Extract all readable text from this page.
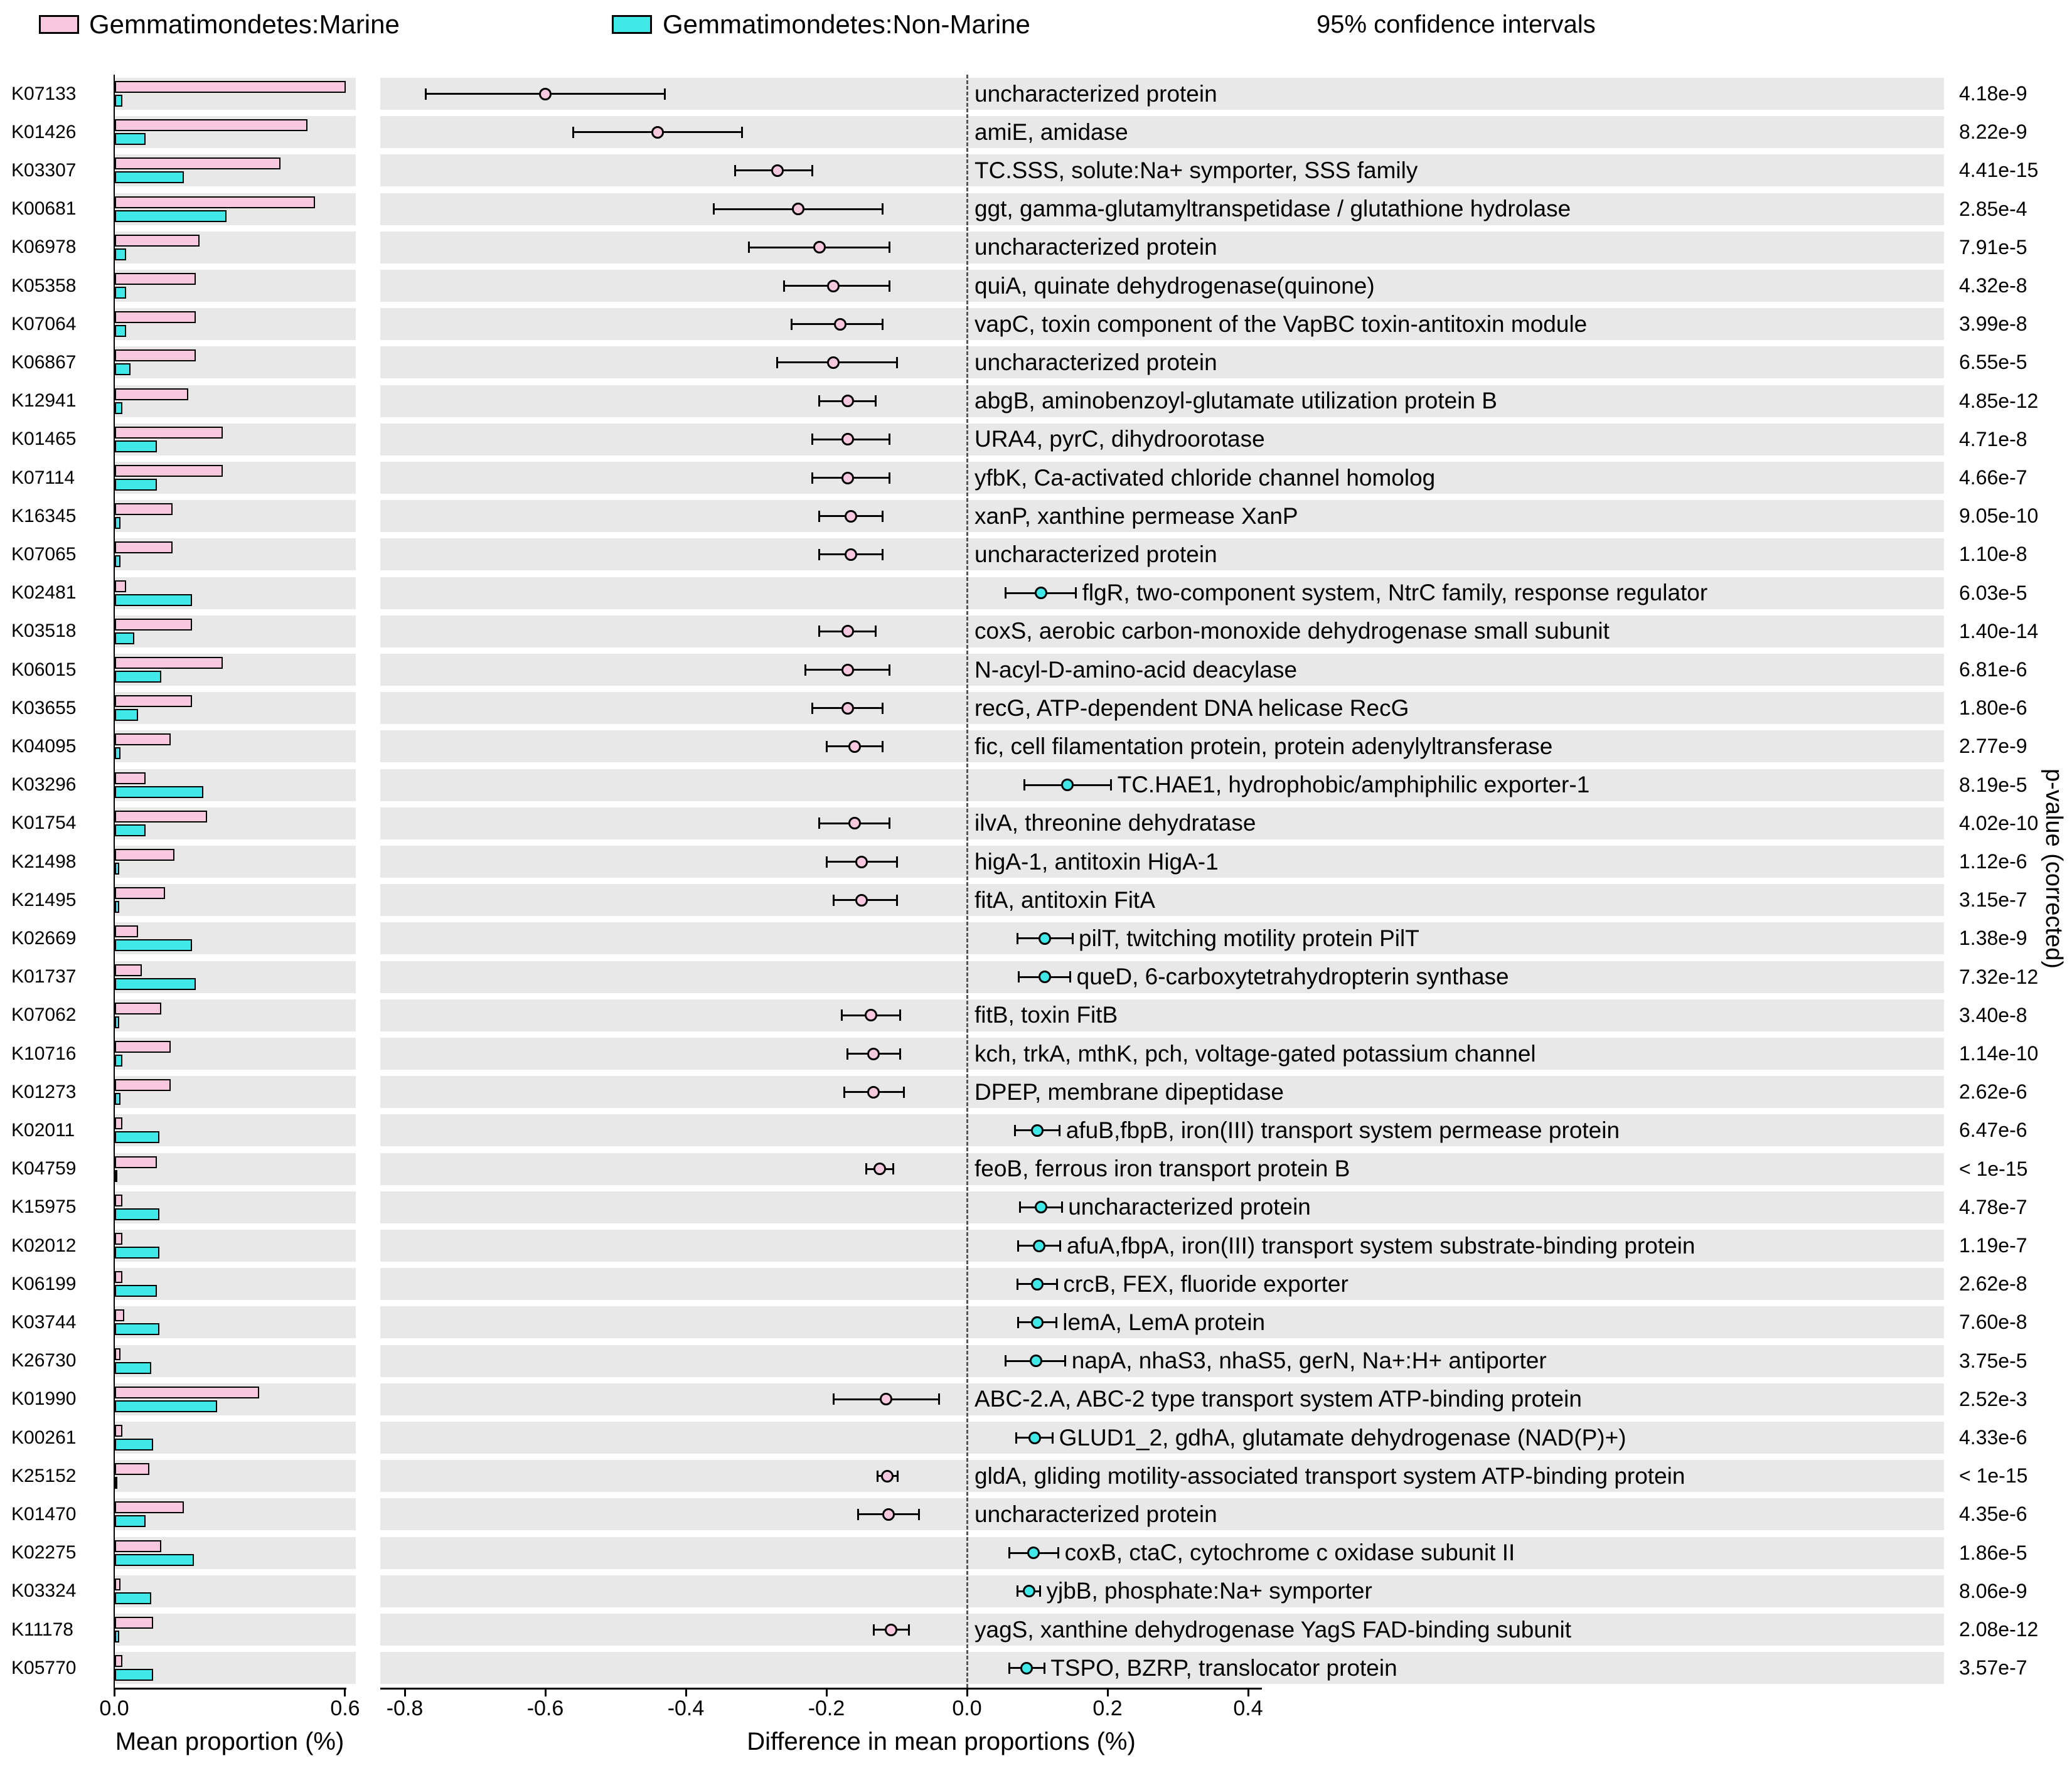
Gemmatimondetes:Marine	Gemmatimondetes:Non-Marine	95% confidence intervals
K07133	uncharacterized protein	4.18e-9
K01426	amiE, amidase	8.22e-9
K03307	TC.SSS, solute:Na+ symporter, SSS family	4.41e-15
K00681	ggt, gamma-glutamyltranspetidase / glutathione hydrolase	2.85e-4
K06978	uncharacterized protein	7.91e-5
K05358	quiA, quinate dehydrogenase(quinone)	4.32e-8
K07064	vapC, toxin component of the VapBC toxin-antitoxin module	3.99e-8
K06867	uncharacterized protein	6.55e-5
K12941	abgB, aminobenzoyl-glutamate utilization protein B	4.85e-12
K01465	URA4, pyrC, dihydroorotase	4.71e-8
K07114	yfbK, Ca-activated chloride channel homolog	4.66e-7
K16345	xanP, xanthine permease XanP	9.05e-10
K07065	uncharacterized protein	1.10e-8
K02481	flgR, two-component system, NtrC family, response regulator	6.03e-5
K03518	coxS, aerobic carbon-monoxide dehydrogenase small subunit	1.40e-14
K06015	N-acyl-D-amino-acid deacylase	6.81e-6
K03655	recG, ATP-dependent DNA helicase RecG	1.80e-6
K04095	fic, cell filamentation protein, protein adenylyltransferase	2.77e-9
K03296	TC.HAE1, hydrophobic/amphiphilic exporter-1	8.19e-5
K01754	ilvA, threonine dehydratase	4.02e-10
K21498	higA-1, antitoxin HigA-1	1.12e-6
K21495	fitA, antitoxin FitA	3.15e-7
K02669	pilT, twitching motility protein PilT	1.38e-9
K01737	queD, 6-carboxytetrahydropterin synthase	7.32e-12
K07062	fitB, toxin FitB	3.40e-8
K10716	kch, trkA, mthK, pch, voltage-gated potassium channel	1.14e-10
K01273	DPEP, membrane dipeptidase	2.62e-6
K02011	afuB,fbpB, iron(III) transport system permease protein	6.47e-6
K04759	feoB, ferrous iron transport protein B	< 1e-15
K15975	uncharacterized protein	4.78e-7
K02012	afuA,fbpA, iron(III) transport system substrate-binding protein	1.19e-7
K06199	crcB, FEX, fluoride exporter	2.62e-8
K03744	lemA, LemA protein	7.60e-8
K26730	napA, nhaS3, nhaS5, gerN, Na+:H+ antiporter	3.75e-5
K01990	ABC-2.A, ABC-2 type transport system ATP-binding protein	2.52e-3
K00261	GLUD1_2, gdhA, glutamate dehydrogenase (NAD(P)+)	4.33e-6
K25152	gldA, gliding motility-associated transport system ATP-binding protein	< 1e-15
K01470	uncharacterized protein	4.35e-6
K02275	coxB, ctaC, cytochrome c oxidase subunit II	1.86e-5
K03324	yjbB, phosphate:Na+ symporter	8.06e-9
K11178	yagS, xanthine dehydrogenase YagS FAD-binding subunit	2.08e-12
K05770	TSPO, BZRP, translocator protein	3.57e-7
0.0	0.6	-0.8	-0.6	-0.4	-0.2	0.0	0.2	0.4
Mean proportion (%)	Difference in mean proportions (%)
p-value (corrected)
